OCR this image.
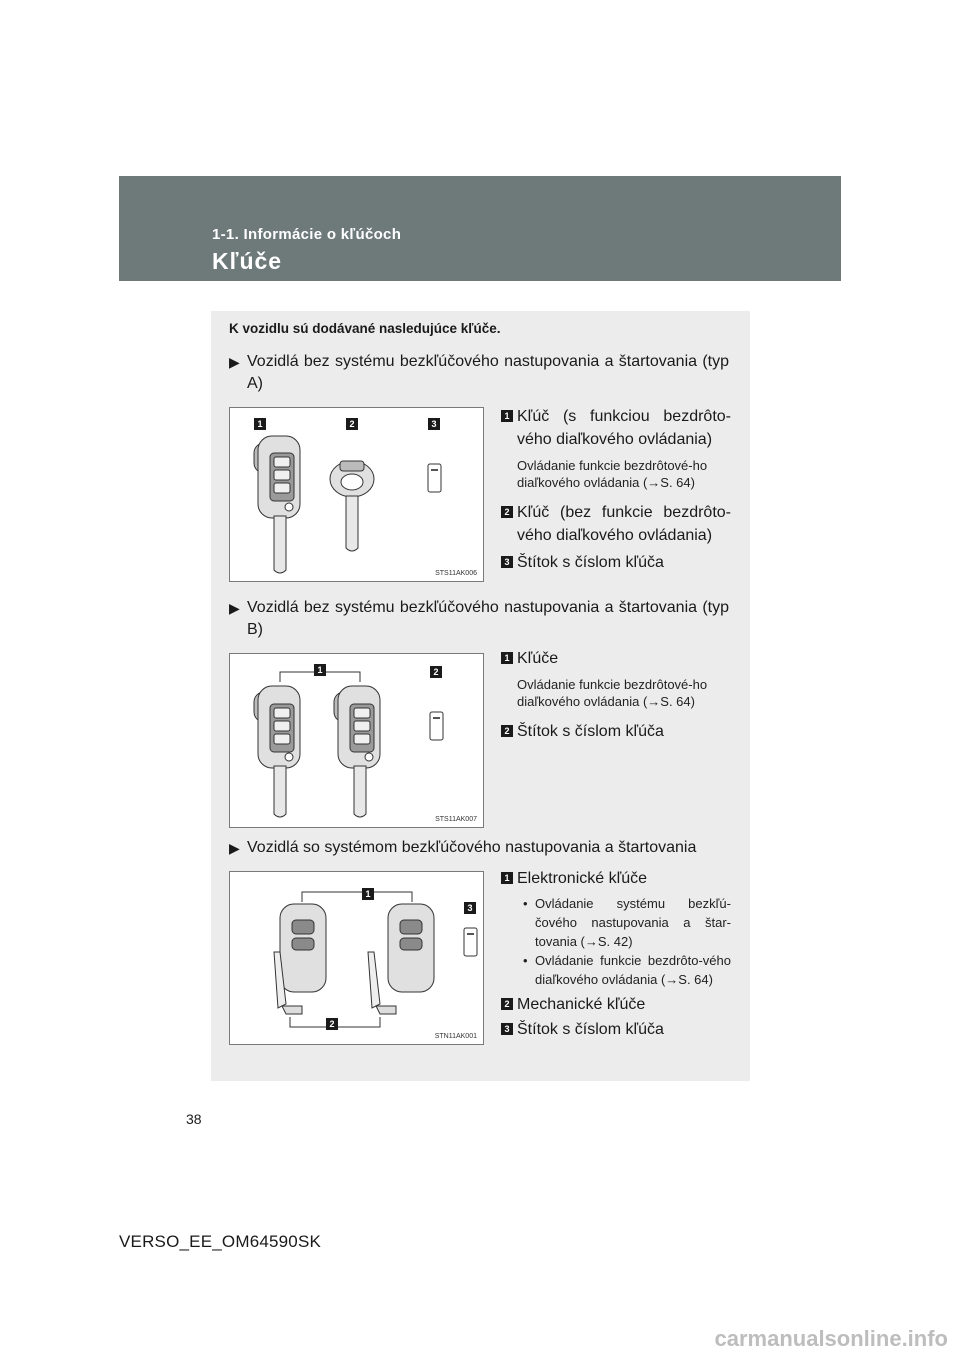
1-1. Informácie o kľúčoch
Kľúče
K vozidlu sú dodávané nasledujúce kľúče.
▶ Vozidlá bez systému bezkľúčového nastupovania a štartovania (typ A)
1	2	3
STS11AK006
1 Kľúč (s funkciou bezdrôto-vého diaľkového ovládania)
Ovládanie funkcie bezdrôtové-ho diaľkového ovládania (→S. 64)
2 Kľúč (bez funkcie bezdrôto-vého diaľkového ovládania)
3 Štítok s číslom kľúča
▶ Vozidlá bez systému bezkľúčového nastupovania a štartovania (typ B)
1	2
STS11AK007
1 Kľúče
Ovládanie funkcie bezdrôtové-ho diaľkového ovládania (→S. 64)
2 Štítok s číslom kľúča
▶ Vozidlá so systémom bezkľúčového nastupovania a štartovania
1
2
3
STN11AK001
1 Elektronické kľúče
• Ovládanie systému bezkľú-čového nastupovania a štar-tovania (→S. 42)
• Ovládanie funkcie bezdrôto-vého diaľkového ovládania (→S. 64)
2 Mechanické kľúče
3 Štítok s číslom kľúča
38
VERSO_EE_OM64590SK
carmanualsonline.info
